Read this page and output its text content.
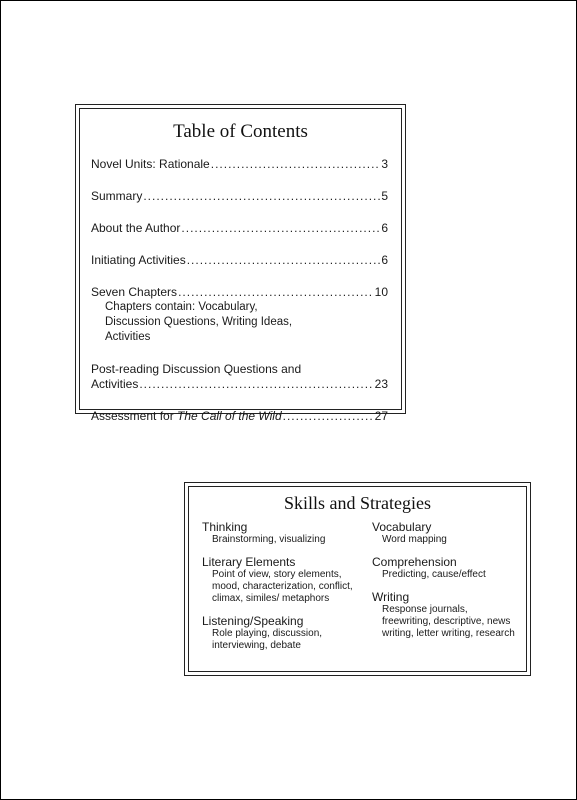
Table of Contents
Novel Units: Rationale .....	3
Summary .....	5
About the Author .....	6
Initiating Activities .....	6
Seven Chapters .....	10
Chapters contain: Vocabulary, Discussion Questions, Writing Ideas, Activities
Post-reading Discussion Questions and
Activities .....	23
Assessment for The Call of the Wild .....	27
Skills and Strategies
Thinking
Brainstorming, visualizing
Literary Elements
Point of view, story elements, mood, characterization, conflict, climax, similes/ metaphors
Listening/Speaking
Role playing, discussion, interviewing, debate
Vocabulary
Word mapping
Comprehension
Predicting, cause/effect
Writing
Response journals, freewriting, descriptive, news writing, letter writing, research
